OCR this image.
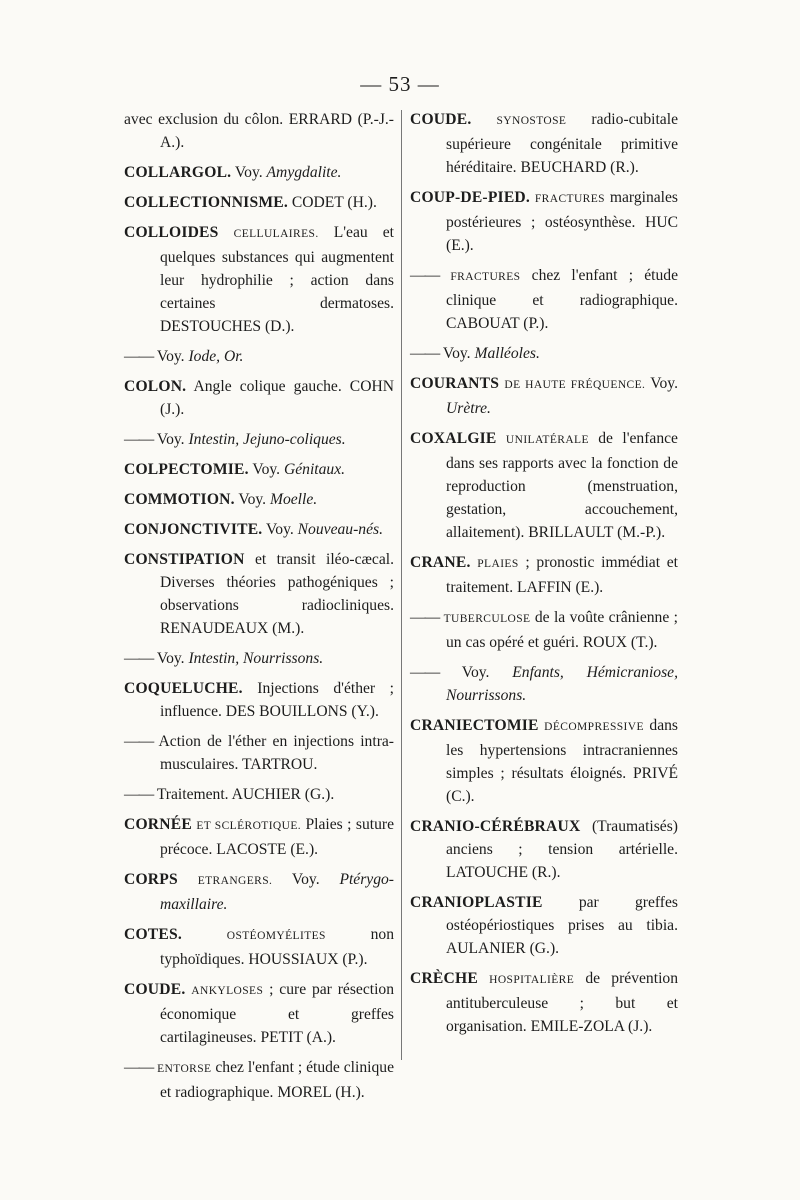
— 53 —
avec exclusion du côlon. ERRARD (P.-J.-A.).
COLLARGOL. Voy. Amygdalite.
COLLECTIONNISME. CODET (H.).
COLLOIDES CELLULAIRES. L'eau et quelques substances qui augmentent leur hydrophilie ; action dans certaines dermatoses. DESTOUCHES (D.).
—— Voy. Iode, Or.
COLON. Angle colique gauche. COHN (J.).
—— Voy. Intestin, Jejuno-coliques.
COLPECTOMIE. Voy. Génitaux.
COMMOTION. Voy. Moelle.
CONJONCTIVITE. Voy. Nouveau-nés.
CONSTIPATION et transit iléo-cæcal. Diverses théories pathogéniques ; observations radiocliniques. RENAUDEAUX (M.).
—— Voy. Intestin, Nourrissons.
COQUELUCHE. Injections d'éther ; influence. DES BOUILLONS (Y.).
—— Action de l'éther en injections intra-musculaires. TARTROU.
—— Traitement. AUCHIER (G.).
CORNÉE ET SCLÉROTIQUE. Plaies ; suture précoce. LACOSTE (E.).
CORPS ETRANGERS. Voy. Ptérygo-maxillaire.
COTES.	OSTÉOMYÉLITES non typhoïdiques. HOUSSIAUX (P.).
COUDE. ANKYLOSES ; cure par résection économique et greffes cartilagineuses. PETIT (A.).
—— ENTORSE chez l'enfant ; étude clinique et radiographique. MOREL (H.).
COUDE. SYNOSTOSE radio-cubitale supérieure congénitale primitive héréditaire. BEUCHARD (R.).
COUP-DE-PIED. FRACTURES marginales postérieures ; ostéosynthèse. HUC (E.).
—— FRACTURES chez l'enfant ; étude clinique et radiographique. CABOUAT (P.).
—— Voy. Malléoles.
COURANTS DE HAUTE FRÉQUENCE. Voy. Urètre.
COXALGIE UNILATÉRALE de l'enfance dans ses rapports avec la fonction de reproduction (menstruation, gestation, accouchement, allaitement). BRILLAULT (M.-P.).
CRANE. PLAIES ; pronostic immédiat et traitement. LAFFIN (E.).
—— TUBERCULOSE de la voûte crânienne ; un cas opéré et guéri. ROUX (T.).
—— Voy. Enfants, Hémicraniose, Nourrissons.
CRANIECTOMIE DÉCOMPRESSIVE dans les hypertensions intracraniennes simples ; résultats éloignés. PRIVÉ (C.).
CRANIO-CÉRÉBRAUX (Traumatisés) anciens ; tension artérielle. LATOUCHE (R.).
CRANIOPLASTIE par greffes ostéopériostiques prises au tibia. AULANIER (G.).
CRÈCHE HOSPITALIÈRE de prévention antituberculeuse ; but et organisation. EMILE-ZOLA (J.).
